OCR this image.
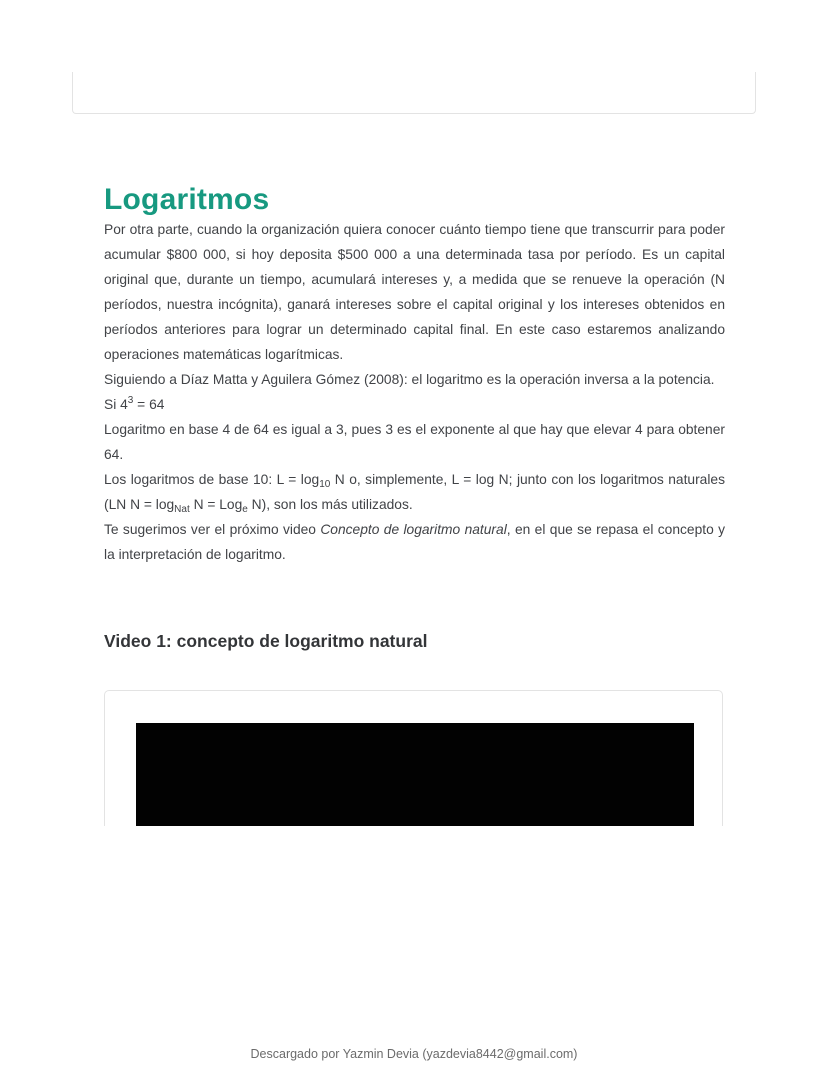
Logaritmos

Por otra parte, cuando la organización quiera conocer cuánto tiempo tiene que transcurrir para poder acumular $800 000, si hoy deposita $500 000 a una determinada tasa por período. Es un capital original que, durante un tiempo, acumulará intereses y, a medida que se renueve la operación (N períodos, nuestra incógnita), ganará intereses sobre el capital original y los intereses obtenidos en períodos anteriores para lograr un determinado capital final. En este caso estaremos analizando operaciones matemáticas logarítmicas.

Siguiendo a Díaz Matta y Aguilera Gómez (2008): el logaritmo es la operación inversa a la potencia.

Si $4^3 = 64$

Logaritmo en base 4 de 64 es igual a 3, pues 3 es el exponente al que hay que elevar 4 para obtener 64.

Los logaritmos de base 10: $L = \log_{10} N$ o, simplemente, L = log N; junto con los logaritmos naturales (LN $N = \log_{Nat} N = Log_e$ N), son los más utilizados.

Te sugerimos ver el próximo video Concepto de logaritmo natural, en el que se repasa el concepto y la interpretación de logaritmo.

Video 1: concepto de logaritmo natural
Descargado por Yazmin Devia (yazdevia8442@gmail.com)
